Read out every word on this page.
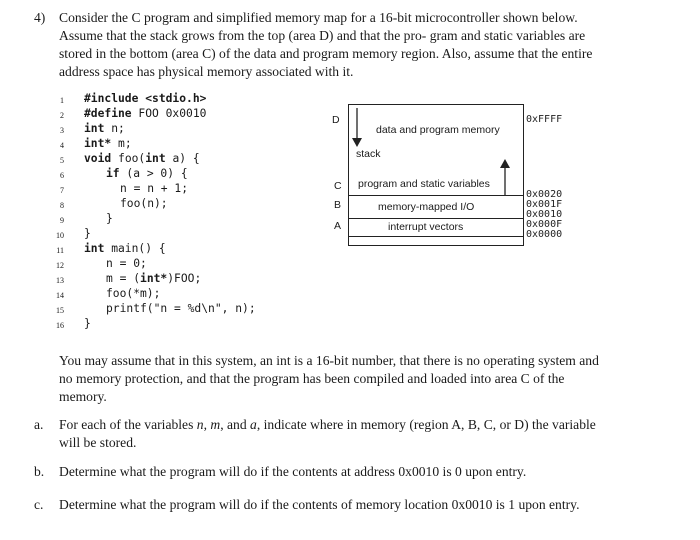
4) Consider the C program and simplified memory map for a 16-bit microcontroller shown below.
Assume that the stack grows from the top (area D) and that the pro- gram and static variables are
stored in the bottom (area C) of the data and program memory region. Also, assume that the entire
address space has physical memory associated with it.
1
2
3
4
5
6
7
8
9
10
11
12
13
14
15
16
#include <stdio.h>
#define FOO 0x0010
int n;
int* m;
void foo(int a) {
if (a > 0) {
n = n + 1;
foo(n);
}
}
int main() {
n = 0;
m = (int*)FOO;
foo(*m);
printf("n = %d\n", n);
}
D
C
B
A
data and program memory
stack
program and static variables
memory-mapped I/O
interrupt vectors
0xFFFF
0x0020
0x001F
0x0010
0x000F
0x0000
You may assume that in this system, an int is a 16-bit number, that there is no operating system and
no memory protection, and that the program has been compiled and loaded into area C of the
memory.
a. For each of the variables n, m, and a, indicate where in memory (region A, B, C, or D) the variable
will be stored.
b. Determine what the program will do if the contents at address 0x0010 is 0 upon entry.
c. Determine what the program will do if the contents of memory location 0x0010 is 1 upon entry.
